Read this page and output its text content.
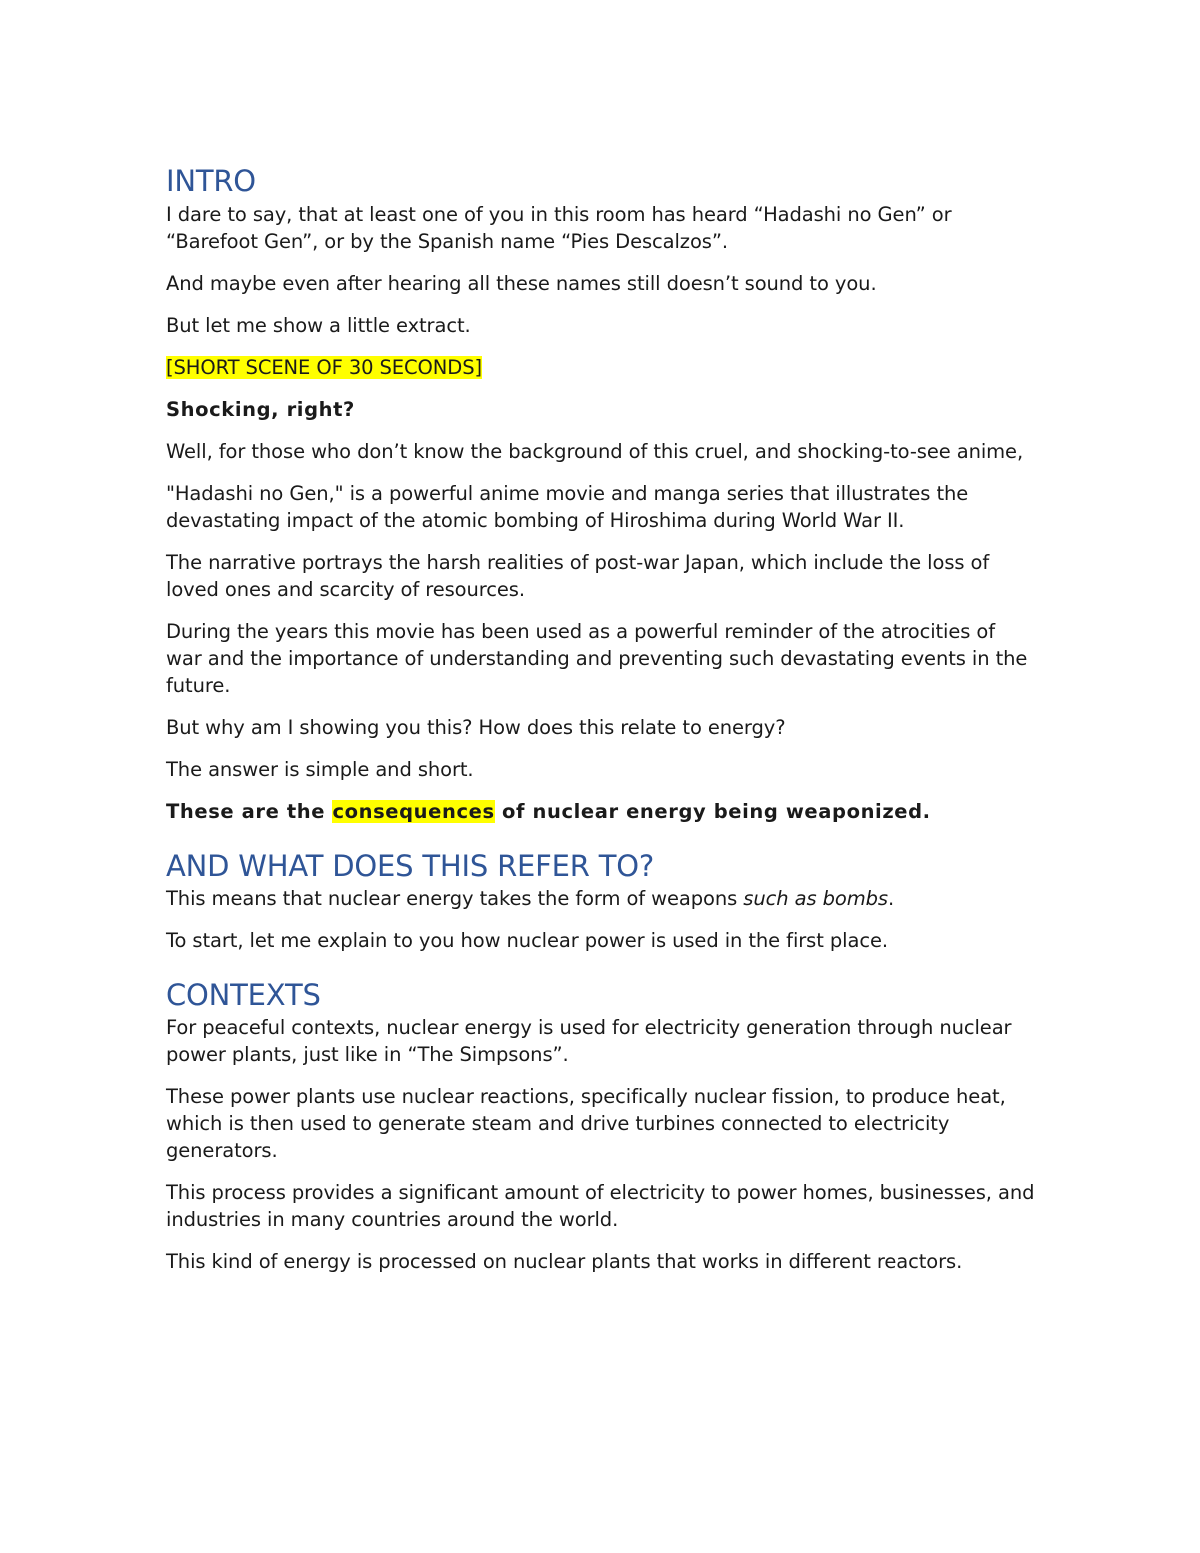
INTRO

I dare to say, that at least one of you in this room has heard “Hadashi no Gen” or “Barefoot Gen”, or by the Spanish name “Pies Descalzos”.

And maybe even after hearing all these names still doesn’t sound to you.

But let me show a little extract.

[SHORT SCENE OF 30 SECONDS]

Shocking, right?

Well, for those who don’t know the background of this cruel, and shocking-to-see anime,

"Hadashi no Gen," is a powerful anime movie and manga series that illustrates the devastating impact of the atomic bombing of Hiroshima during World War II.

The narrative portrays the harsh realities of post-war Japan, which include the loss of loved ones and scarcity of resources.

During the years this movie has been used as a powerful reminder of the atrocities of war and the importance of understanding and preventing such devastating events in the future.

But why am I showing you this? How does this relate to energy?

The answer is simple and short.

These are the consequences of nuclear energy being weaponized.

AND WHAT DOES THIS REFER TO?

This means that nuclear energy takes the form of weapons such as bombs.

To start, let me explain to you how nuclear power is used in the first place.

CONTEXTS

For peaceful contexts, nuclear energy is used for electricity generation through nuclear power plants, just like in “The Simpsons”.

These power plants use nuclear reactions, specifically nuclear fission, to produce heat, which is then used to generate steam and drive turbines connected to electricity generators.

This process provides a significant amount of electricity to power homes, businesses, and industries in many countries around the world.

This kind of energy is processed on nuclear plants that works in different reactors.
